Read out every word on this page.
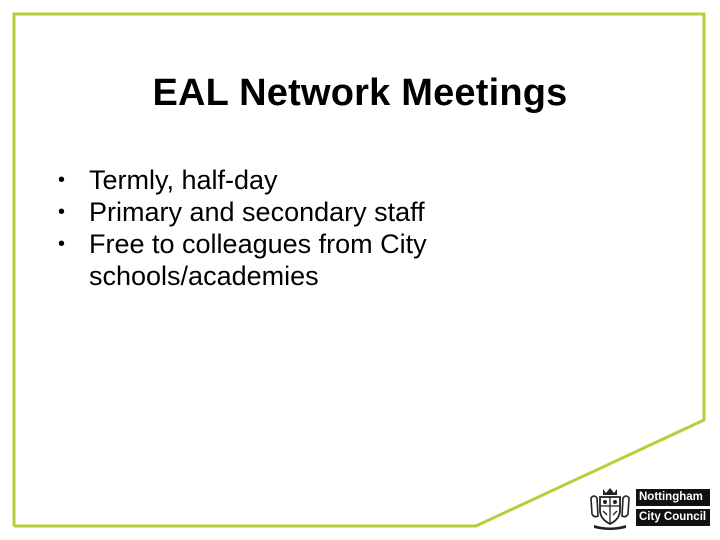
EAL Network Meetings
• Termly, half-day
• Primary and secondary staff
• Free to colleagues from City schools/academies
Nottingham
City Council
